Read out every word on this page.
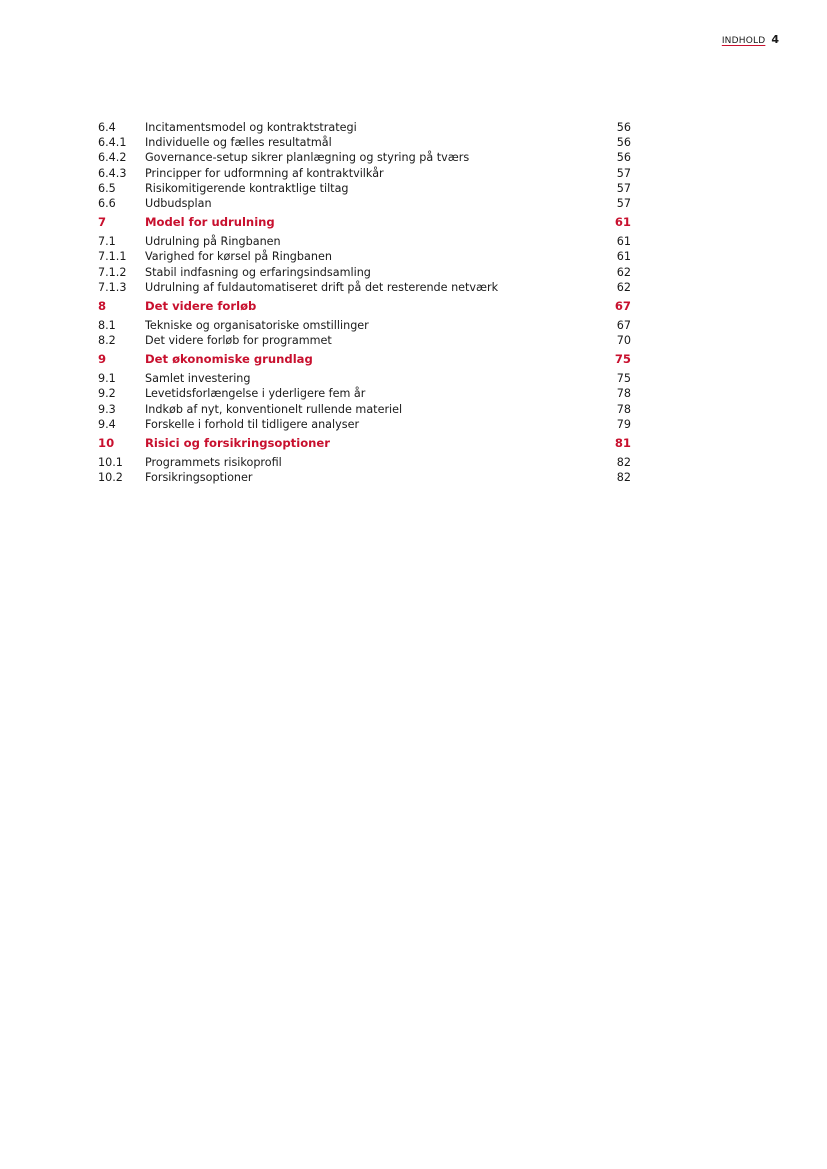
INDHOLD 4
6.4	Incitamentsmodel og kontraktstrategi	56
6.4.1	Individuelle og fælles resultatmål	56
6.4.2	Governance-setup sikrer planlægning og styring på tværs	56
6.4.3	Principper for udformning af kontraktvilkår	57
6.5	Risikomitigerende kontraktlige tiltag	57
6.6	Udbudsplan	57
7	Model for udrulning	61
7.1	Udrulning på Ringbanen	61
7.1.1	Varighed for kørsel på Ringbanen	61
7.1.2	Stabil indfasning og erfaringsindsamling	62
7.1.3	Udrulning af fuldautomatiseret drift på det resterende netværk	62
8	Det videre forløb	67
8.1	Tekniske og organisatoriske omstillinger	67
8.2	Det videre forløb for programmet	70
9	Det økonomiske grundlag	75
9.1	Samlet investering	75
9.2	Levetidsforlængelse i yderligere fem år	78
9.3	Indkøb af nyt, konventionelt rullende materiel	78
9.4	Forskelle i forhold til tidligere analyser	79
10	Risici og forsikringsoptioner	81
10.1	Programmets risikoprofil	82
10.2	Forsikringsoptioner	82
